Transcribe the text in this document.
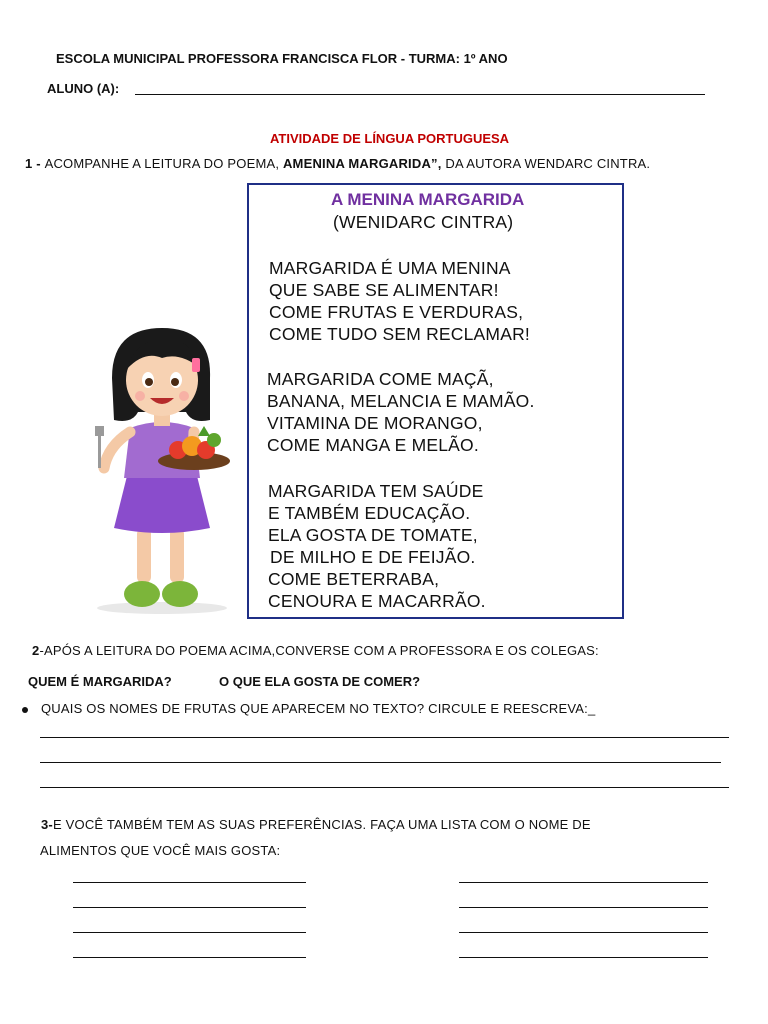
ESCOLA MUNICIPAL PROFESSORA FRANCISCA FLOR - TURMA: 1º ANO
ALUNO (A):
ATIVIDADE DE LÍNGUA PORTUGUESA
1 - ACOMPANHE A LEITURA DO POEMA, AMENINA MARGARIDA”, DA AUTORA WENDARC CINTRA.
A MENINA MARGARIDA
(WENIDARC CINTRA)
MARGARIDA É UMA MENINA
QUE SABE SE ALIMENTAR!
COME FRUTAS E VERDURAS,
COME TUDO SEM RECLAMAR!
MARGARIDA COME MAÇÃ,
BANANA, MELANCIA E MAMÃO.
VITAMINA DE MORANGO,
COME MANGA E MELÃO.
MARGARIDA TEM SAÚDE
E TAMBÉM EDUCAÇÃO.
ELA GOSTA DE TOMATE,
DE MILHO E DE FEIJÃO.
COME BETERRABA,
CENOURA E MACARRÃO.
2-APÓS A LEITURA DO POEMA ACIMA,CONVERSE COM A PROFESSORA E OS COLEGAS:
QUEM É MARGARIDA?	O QUE ELA GOSTA DE COMER?
QUAIS OS NOMES DE FRUTAS QUE APARECEM NO TEXTO? CIRCULE E REESCREVA:_
3-E VOCÊ TAMBÉM TEM AS SUAS PREFERÊNCIAS. FAÇA UMA LISTA COM O NOME DE
ALIMENTOS QUE VOCÊ MAIS GOSTA:
